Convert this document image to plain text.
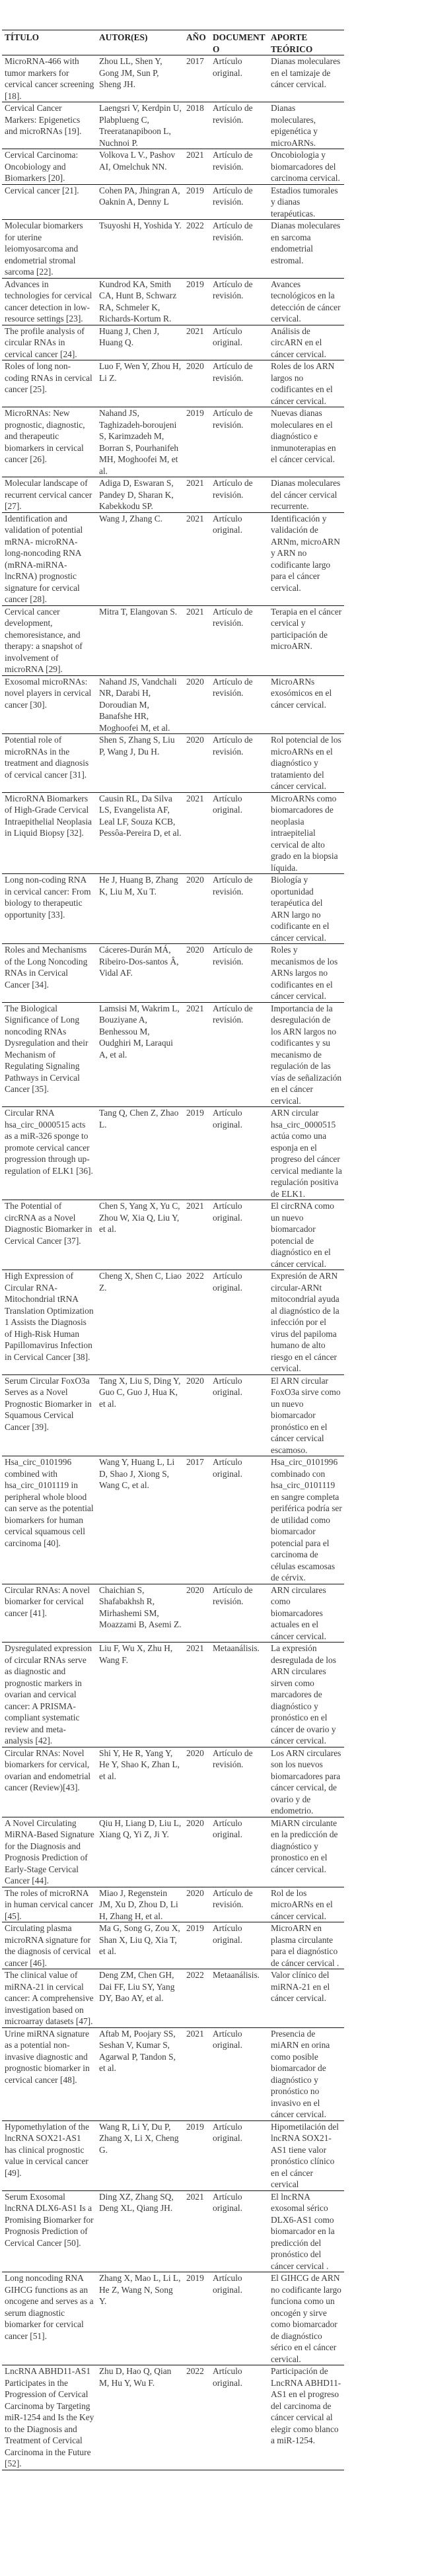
TÍTULO	AUTOR(ES)	AÑO	DOCUMENTO	APORTE TEÓRICO
MicroRNA-466 with tumor markers for cervical cancer screening [18].	Zhou LL, Shen Y, Gong JM, Sun P, Sheng JH.	2017	Artículo original.	Dianas moleculares en el tamizaje de cáncer cervical.
Cervical Cancer Markers: Epigenetics and microRNAs [19].	Laengsri V, Kerdpin U, Plabplueng C, Treeratanapiboon L, Nuchnoi P.	2018	Artículo de revisión.	Dianas moleculares, epigenética y microARNs.
Cervical Carcinoma: Oncobiology and Biomarkers [20].	Volkova L V., Pashov AI, Omelchuk NN.	2021	Artículo de revisión.	Oncobiologia y biomarcadores del carcinoma cervical.
Cervical cancer [21].	Cohen PA, Jhingran A, Oaknin A, Denny L	2019	Artículo de revisión.	Estadios tumorales y dianas terapéuticas.
Molecular biomarkers for uterine leiomyosarcoma and endometrial stromal sarcoma [22].	Tsuyoshi H, Yoshida Y.	2022	Artículo de revisión.	Dianas moleculares en sarcoma endometrial estromal.
Advances in technologies for cervical cancer detection in low-resource settings [23].	Kundrod KA, Smith CA, Hunt B, Schwarz RA, Schmeler K, Richards-Kortum R.	2019	Artículo de revisión.	Avances tecnológicos en la detección de cáncer cervical.
The profile analysis of circular RNAs in cervical cancer [24].	Huang J, Chen J, Huang Q.	2021	Artículo original.	Análisis de circARN en el cáncer cervical.
Roles of long non-coding RNAs in cervical cancer [25].	Luo F, Wen Y, Zhou H, Li Z.	2020	Artículo de revisión.	Roles de los ARN largos no codificantes en el cáncer cervical.
MicroRNAs: New prognostic, diagnostic, and therapeutic biomarkers in cervical cancer [26].	Nahand JS, Taghizadeh-boroujeni S, Karimzadeh M, Borran S, Pourhanifeh MH, Moghoofei M, et al.	2019	Artículo de revisión.	Nuevas dianas moleculares en el diagnóstico e inmunoterapias en el cáncer cervical.
Molecular landscape of recurrent cervical cancer [27].	Adiga D, Eswaran S, Pandey D, Sharan K, Kabekkodu SP.	2021	Artículo de revisión.	Dianas moleculares del cáncer cervical recurrente.
Identification and validation of potential mRNA- microRNA- long-noncoding RNA (mRNA-miRNA-lncRNA) prognostic signature for cervical cancer [28].	Wang J, Zhang C.	2021	Artículo original.	Identificación y validación de ARNm, microARN y ARN no codificante largo para el cáncer cervical.
Cervical cancer development, chemoresistance, and therapy: a snapshot of involvement of microRNA [29].	Mitra T, Elangovan S.	2021	Artículo de revisión.	Terapia en el cáncer cervical y participación de microARN.
Exosomal microRNAs: novel players in cervical cancer [30].	Nahand JS, Vandchali NR, Darabi H, Doroudian M, Banafshe HR, Moghoofei M, et al.	2020	Artículo de revisión.	MicroARNs exosómicos en el cáncer cervical.
Potential role of microRNAs in the treatment and diagnosis of cervical cancer [31].	Shen S, Zhang S, Liu P, Wang J, Du H.	2020	Artículo de revisión.	Rol potencial de los microARNs en el diagnóstico y tratamiento del cáncer cervical.
MicroRNA Biomarkers of High-Grade Cervical Intraepithelial Neoplasia in Liquid Biopsy [32].	Causin RL, Da Silva LS, Evangelista AF, Leal LF, Souza KCB, Pessôa-Pereira D, et al.	2021	Artículo original.	MicroARNs como biomarcadores de neoplasia intraepitelial cervical de alto grado en la biopsia líquida.
Long non-coding RNA in cervical cancer: From biology to therapeutic opportunity [33].	He J, Huang B, Zhang K, Liu M, Xu T.	2020	Artículo de revisión.	Biología y oportunidad terapéutica del ARN largo no codificante en el cáncer cervical.
Roles and Mechanisms of the Long Noncoding RNAs in Cervical Cancer [34].	Cáceres-Durán MÁ, Ribeiro-Dos-santos Â, Vidal AF.	2020	Artículo de revisión.	Roles y mecanismos de los ARNs largos no codificantes en el cáncer cervical.
The Biological Significance of Long noncoding RNAs Dysregulation and their Mechanism of Regulating Signaling Pathways in Cervical Cancer [35].	Lamsisi M, Wakrim L, Bouziyane A, Benhessou M, Oudghiri M, Laraqui A, et al.	2021	Artículo de revisión.	Importancia de la desregulación de los ARN largos no codificantes y su mecanismo de regulación de las vías de señalización en el cáncer cervical.
Circular RNA hsa_circ_0000515 acts as a miR-326 sponge to promote cervical cancer progression through up-regulation of ELK1 [36].	Tang Q, Chen Z, Zhao L.	2019	Artículo original.	ARN circular hsa_circ_0000515 actúa como una esponja en el progreso del cáncer cervical mediante la regulación positiva de ELK1.
The Potential of circRNA as a Novel Diagnostic Biomarker in Cervical Cancer [37].	Chen S, Yang X, Yu C, Zhou W, Xia Q, Liu Y, et al.	2021	Artículo original.	El circRNA como un nuevo biomarcador potencial de diagnóstico en el cáncer cervical.
High Expression of Circular RNA-Mitochondrial tRNA Translation Optimization 1 Assists the Diagnosis of High-Risk Human Papillomavirus Infection in Cervical Cancer [38].	Cheng X, Shen C, Liao Z.	2022	Artículo original.	Expresión de ARN circular-ARNt mitocondrial ayuda al diagnóstico de la infección por el virus del papiloma humano de alto riesgo en el cáncer cervical.
Serum Circular FoxO3a Serves as a Novel Prognostic Biomarker in Squamous Cervical Cancer [39].	Tang X, Liu S, Ding Y, Guo C, Guo J, Hua K, et al.	2020	Artículo original.	El ARN circular FoxO3a sirve como un nuevo biomarcador pronóstico en el cáncer cervical escamoso.
Hsa_circ_0101996 combined with hsa_circ_0101119 in peripheral whole blood can serve as the potential biomarkers for human cervical squamous cell carcinoma [40].	Wang Y, Huang L, Li D, Shao J, Xiong S, Wang C, et al.	2017	Artículo original.	Hsa_circ_0101996 combinado con hsa_circ_0101119 en sangre completa periférica podría ser de utilidad como biomarcador potencial para el carcinoma de células escamosas de cérvix.
Circular RNAs: A novel biomarker for cervical cancer [41].	Chaichian S, Shafabakhsh R, Mirhashemi SM, Moazzami B, Asemi Z.	2020	Artículo de revisión.	ARN circulares como biomarcadores actuales en el cáncer cervical.
Dysregulated expression of circular RNAs serve as diagnostic and prognostic markers in ovarian and cervical cancer: A PRISMA-compliant systematic review and meta-analysis [42].	Liu F, Wu X, Zhu H, Wang F.	2021	Metaanálisis.	La expresión desregulada de los ARN circulares sirven como marcadores de diagnóstico y pronóstico en el cáncer de ovario y cáncer cervical.
Circular RNAs: Novel biomarkers for cervical, ovarian and endometrial cancer (Review)[43].	Shi Y, He R, Yang Y, He Y, Shao K, Zhan L, et al.	2020	Artículo de revisión.	Los ARN circulares son los nuevos biomarcadores para cáncer cervical, de ovario y de endometrio.
A Novel Circulating MiRNA-Based Signature for the Diagnosis and Prognosis Prediction of Early-Stage Cervical Cancer [44].	Qiu H, Liang D, Liu L, Xiang Q, Yi Z, Ji Y.	2020	Artículo original.	MiARN circulante en la predicción de diagnóstico y pronostico en el cáncer cervical.
The roles of microRNA in human cervical cancer [45].	Miao J, Regenstein JM, Xu D, Zhou D, Li H, Zhang H, et al.	2020	Artículo de revisión.	Rol de los microARNs en el cáncer cervical.
Circulating plasma microRNA signature for the diagnosis of cervical cancer [46].	Ma G, Song G, Zou X, Shan X, Liu Q, Xia T, et al.	2019	Artículo original.	MicroARN en plasma circulante para el diagnóstico de cáncer cervical .
The clinical value of miRNA-21 in cervical cancer: A comprehensive investigation based on microarray datasets [47].	Deng ZM, Chen GH, Dai FF, Liu SY, Yang DY, Bao AY, et al.	2022	Metaanálisis.	Valor clínico del miRNA-21 en el cáncer cervical.
Urine miRNA signature as a potential non-invasive diagnostic and prognostic biomarker in cervical cancer [48].	Aftab M, Poojary SS, Seshan V, Kumar S, Agarwal P, Tandon S, et al.	2021	Artículo original.	Presencia de miARN en orina como posible biomarcador de diagnóstico y pronóstico no invasivo en el cáncer cervical.
Hypomethylation of the lncRNA SOX21-AS1 has clinical prognostic value in cervical cancer [49].	Wang R, Li Y, Du P, Zhang X, Li X, Cheng G.	2019	Artículo original.	Hipometilación del lncRNA SOX21-AS1 tiene valor pronóstico clínico en el cáncer cervical
Serum Exosomal lncRNA DLX6-AS1 Is a Promising Biomarker for Prognosis Prediction of Cervical Cancer [50].	Ding XZ, Zhang SQ, Deng XL, Qiang JH.	2021	Artículo original.	El lncRNA exosomal sérico DLX6-AS1 como biomarcador en la predicción del pronóstico del cáncer cervical .
Long noncoding RNA GIHCG functions as an oncogene and serves as a serum diagnostic biomarker for cervical cancer [51].	Zhang X, Mao L, Li L, He Z, Wang N, Song Y.	2019	Artículo original.	El GIHCG de ARN no codificante largo funciona como un oncogén y sirve como biomarcador de diagnóstico sérico en el cáncer cervical.
LncRNA ABHD11-AS1 Participates in the Progression of Cervical Carcinoma by Targeting miR-1254 and Is the Key to the Diagnosis and Treatment of Cervical Carcinoma in the Future [52].	Zhu D, Hao Q, Qian M, Hu Y, Wu F.	2022	Artículo original.	Participación de LncRNA ABHD11-AS1 en el progreso del carcinoma de cáncer cervical al elegir como blanco a miR-1254.
